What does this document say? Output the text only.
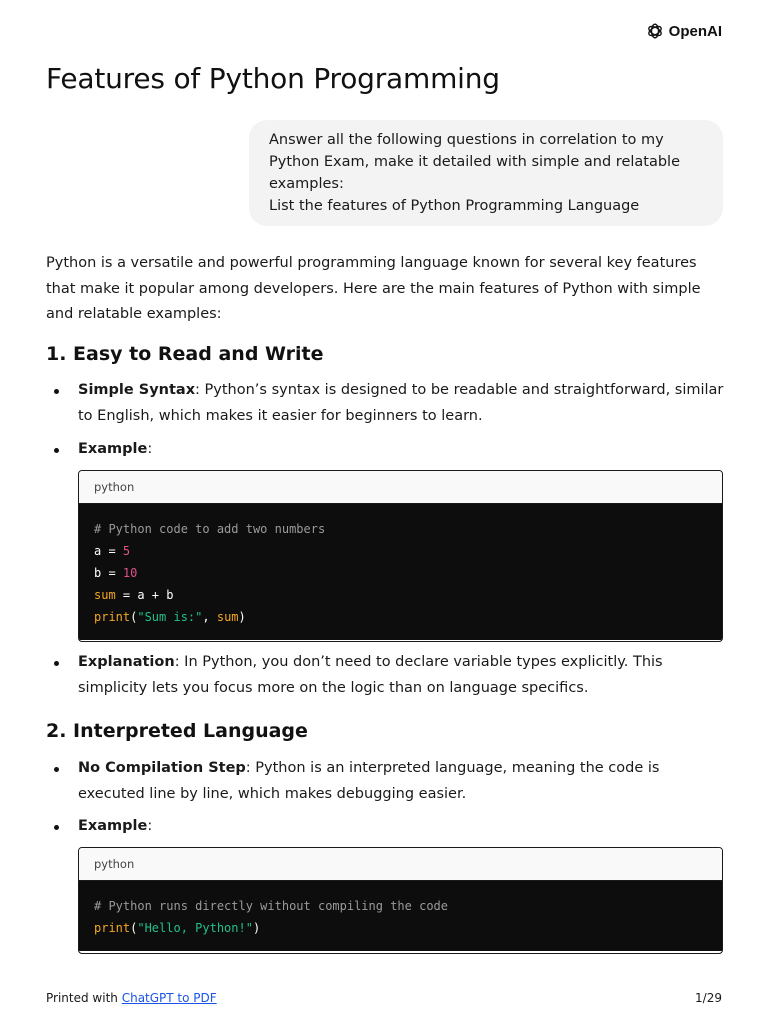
OpenAI
Features of Python Programming
Answer all the following questions in correlation to my
Python Exam, make it detailed with simple and relatable
examples:
List the features of Python Programming Language

Python is a versatile and powerful programming language known for several key features that make it popular among developers. Here are the main features of Python with simple and relatable examples:

1. Easy to Read and Write

Simple Syntax: Python’s syntax is designed to be readable and straightforward, similar to English, which makes it easier for beginners to learn.

Example:

python
# Python code to add two numbers
a = 5
b = 10
sum = a + b
print("Sum is:", sum)

Explanation: In Python, you don’t need to declare variable types explicitly. This simplicity lets you focus more on the logic than on language specifics.

2. Interpreted Language

No Compilation Step: Python is an interpreted language, meaning the code is executed line by line, which makes debugging easier.

Example:

python
# Python runs directly without compiling the code
print("Hello, Python!")
Printed with ChatGPT to PDF	1/29
